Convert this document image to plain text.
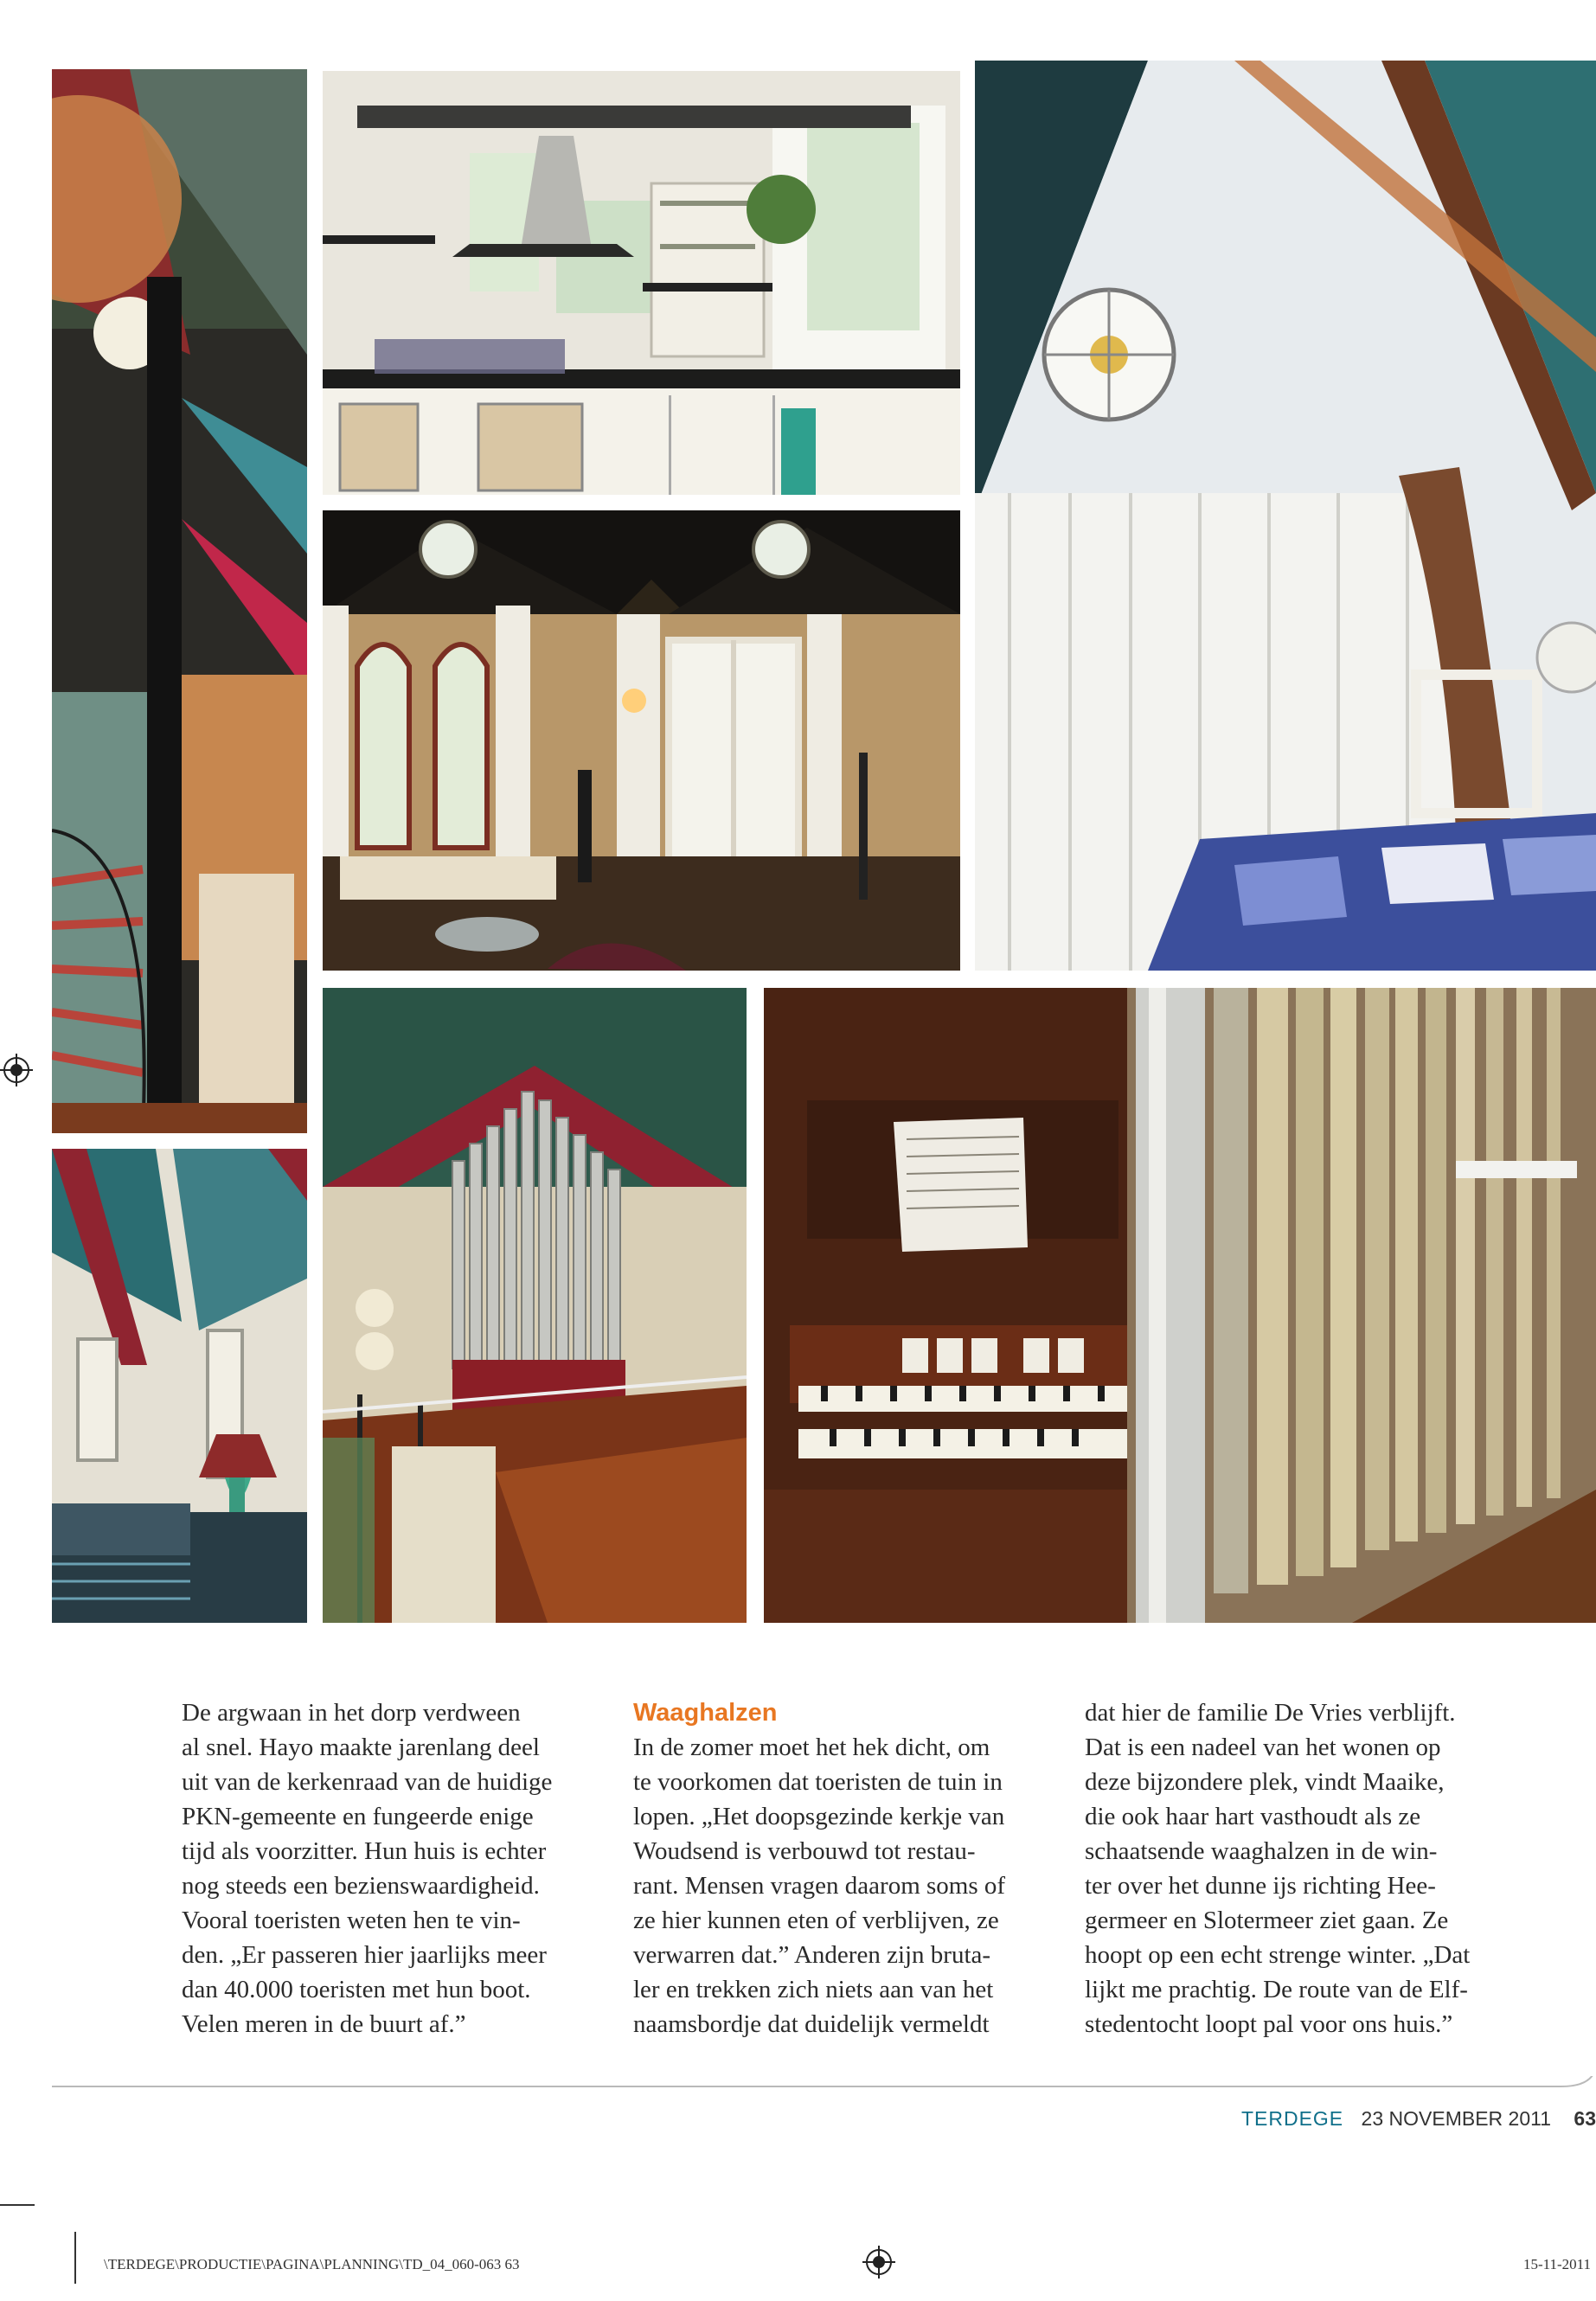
De argwaan in het dorp verdween
al snel. Hayo maakte jarenlang deel
uit van de kerkenraad van de huidige
PKN-gemeente en fungeerde enige
tijd als voorzitter. Hun huis is echter
nog steeds een bezienswaardigheid.
Vooral toeristen weten hen te vin-
den. „Er passeren hier jaarlijks meer
dan 40.000 toeristen met hun boot.
Velen meren in de buurt af.”

Waaghalzen

In de zomer moet het hek dicht, om
te voorkomen dat toeristen de tuin in
lopen. „Het doopsgezinde kerkje van
Woudsend is verbouwd tot restau-
rant. Mensen vragen daarom soms of
ze hier kunnen eten of verblijven, ze
verwarren dat.” Anderen zijn bruta-
ler en trekken zich niets aan van het
naamsbordje dat duidelijk vermeldt

dat hier de familie De Vries verblijft.
Dat is een nadeel van het wonen op
deze bijzondere plek, vindt Maaike,
die ook haar hart vasthoudt als ze
schaatsende waaghalzen in de win-
ter over het dunne ijs richting Hee-
germeer en Slotermeer ziet gaan. Ze
hoopt op een echt strenge winter. „Dat
lijkt me prachtig. De route van de Elf-
stedentocht loopt pal voor ons huis.”

TERDEGE 23 NOVEMBER 2011 63
\TERDEGE\PRODUCTIE\PAGINA\PLANNING\TD_04_060-063 63	15-11-2011
